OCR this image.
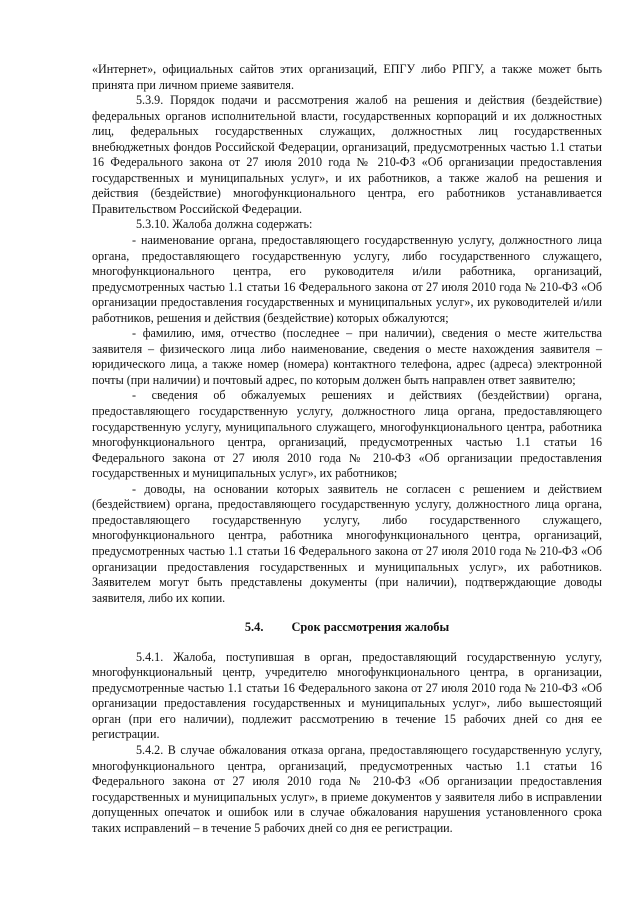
«Интернет», официальных сайтов этих организаций, ЕПГУ либо РПГУ, а также может быть принята при личном приеме заявителя.

5.3.9. Порядок подачи и рассмотрения жалоб на решения и действия (бездействие) федеральных органов исполнительной власти, государственных корпораций и их должностных лиц, федеральных государственных служащих, должностных лиц государственных внебюджетных фондов Российской Федерации, организаций, предусмотренных частью 1.1 статьи 16 Федерального закона от 27 июля 2010 года № 210-ФЗ «Об организации предоставления государственных и муниципальных услуг», и их работников, а также жалоб на решения и действия (бездействие) многофункционального центра, его работников устанавливается Правительством Российской Федерации.

5.3.10. Жалоба должна содержать:

- наименование органа, предоставляющего государственную услугу, должностного лица органа, предоставляющего государственную услугу, либо государственного служащего, многофункционального центра, его руководителя и/или работника, организаций, предусмотренных частью 1.1 статьи 16 Федерального закона от 27 июля 2010 года № 210-ФЗ «Об организации предоставления государственных и муниципальных услуг», их руководителей и/или работников, решения и действия (бездействие) которых обжалуются;

- фамилию, имя, отчество (последнее – при наличии), сведения о месте жительства заявителя – физического лица либо наименование, сведения о месте нахождения заявителя – юридического лица, а также номер (номера) контактного телефона, адрес (адреса) электронной почты (при наличии) и почтовый адрес, по которым должен быть направлен ответ заявителю;

- сведения об обжалуемых решениях и действиях (бездействии) органа, предоставляющего государственную услугу, должностного лица органа, предоставляющего государственную услугу, муниципального служащего, многофункционального центра, работника многофункционального центра, организаций, предусмотренных частью 1.1 статьи 16 Федерального закона от 27 июля 2010 года № 210-ФЗ «Об организации предоставления государственных и муниципальных услуг», их работников;

- доводы, на основании которых заявитель не согласен с решением и действием (бездействием) органа, предоставляющего государственную услугу, должностного лица органа, предоставляющего государственную услугу, либо государственного служащего, многофункционального центра, работника многофункционального центра, организаций, предусмотренных частью 1.1 статьи 16 Федерального закона от 27 июля 2010 года № 210-ФЗ «Об организации предоставления государственных и муниципальных услуг», их работников. Заявителем могут быть представлены документы (при наличии), подтверждающие доводы заявителя, либо их копии.

5.4. Срок рассмотрения жалобы

5.4.1. Жалоба, поступившая в орган, предоставляющий государственную услугу, многофункциональный центр, учредителю многофункционального центра, в организации, предусмотренные частью 1.1 статьи 16 Федерального закона от 27 июля 2010 года № 210-ФЗ «Об организации предоставления государственных и муниципальных услуг», либо вышестоящий орган (при его наличии), подлежит рассмотрению в течение 15 рабочих дней со дня ее регистрации.

5.4.2. В случае обжалования отказа органа, предоставляющего государственную услугу, многофункционального центра, организаций, предусмотренных частью 1.1 статьи 16 Федерального закона от 27 июля 2010 года № 210-ФЗ «Об организации предоставления государственных и муниципальных услуг», в приеме документов у заявителя либо в исправлении допущенных опечаток и ошибок или в случае обжалования нарушения установленного срока таких исправлений – в течение 5 рабочих дней со дня ее регистрации.
